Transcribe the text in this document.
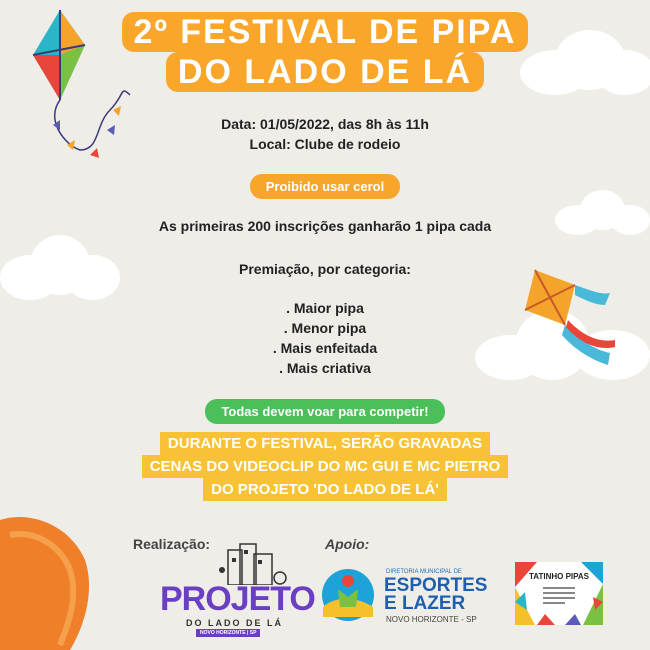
2º FESTIVAL DE PIPA
DO LADO DE LÁ
Data: 01/05/2022, das 8h às 11h
Local: Clube de rodeio
Proibido usar cerol
As primeiras 200 inscrições ganharão 1 pipa cada
Premiação, por categoria:
. Maior pipa
. Menor pipa
. Mais enfeitada
. Mais criativa
Todas devem voar para competir!
DURANTE O FESTIVAL, SERÃO GRAVADAS
CENAS DO VIDEOCLIP DO MC GUI E MC PIETRO
DO PROJETO 'DO LADO DE LÁ'
Realização:	Apoio:
PROJETO
DO LADO DE LÁ
NOVO HORIZONTE | SP
DIRETORIA MUNICIPAL DE
ESPORTES
E LAZER
NOVO HORIZONTE - SP
TATINHO PIPAS
